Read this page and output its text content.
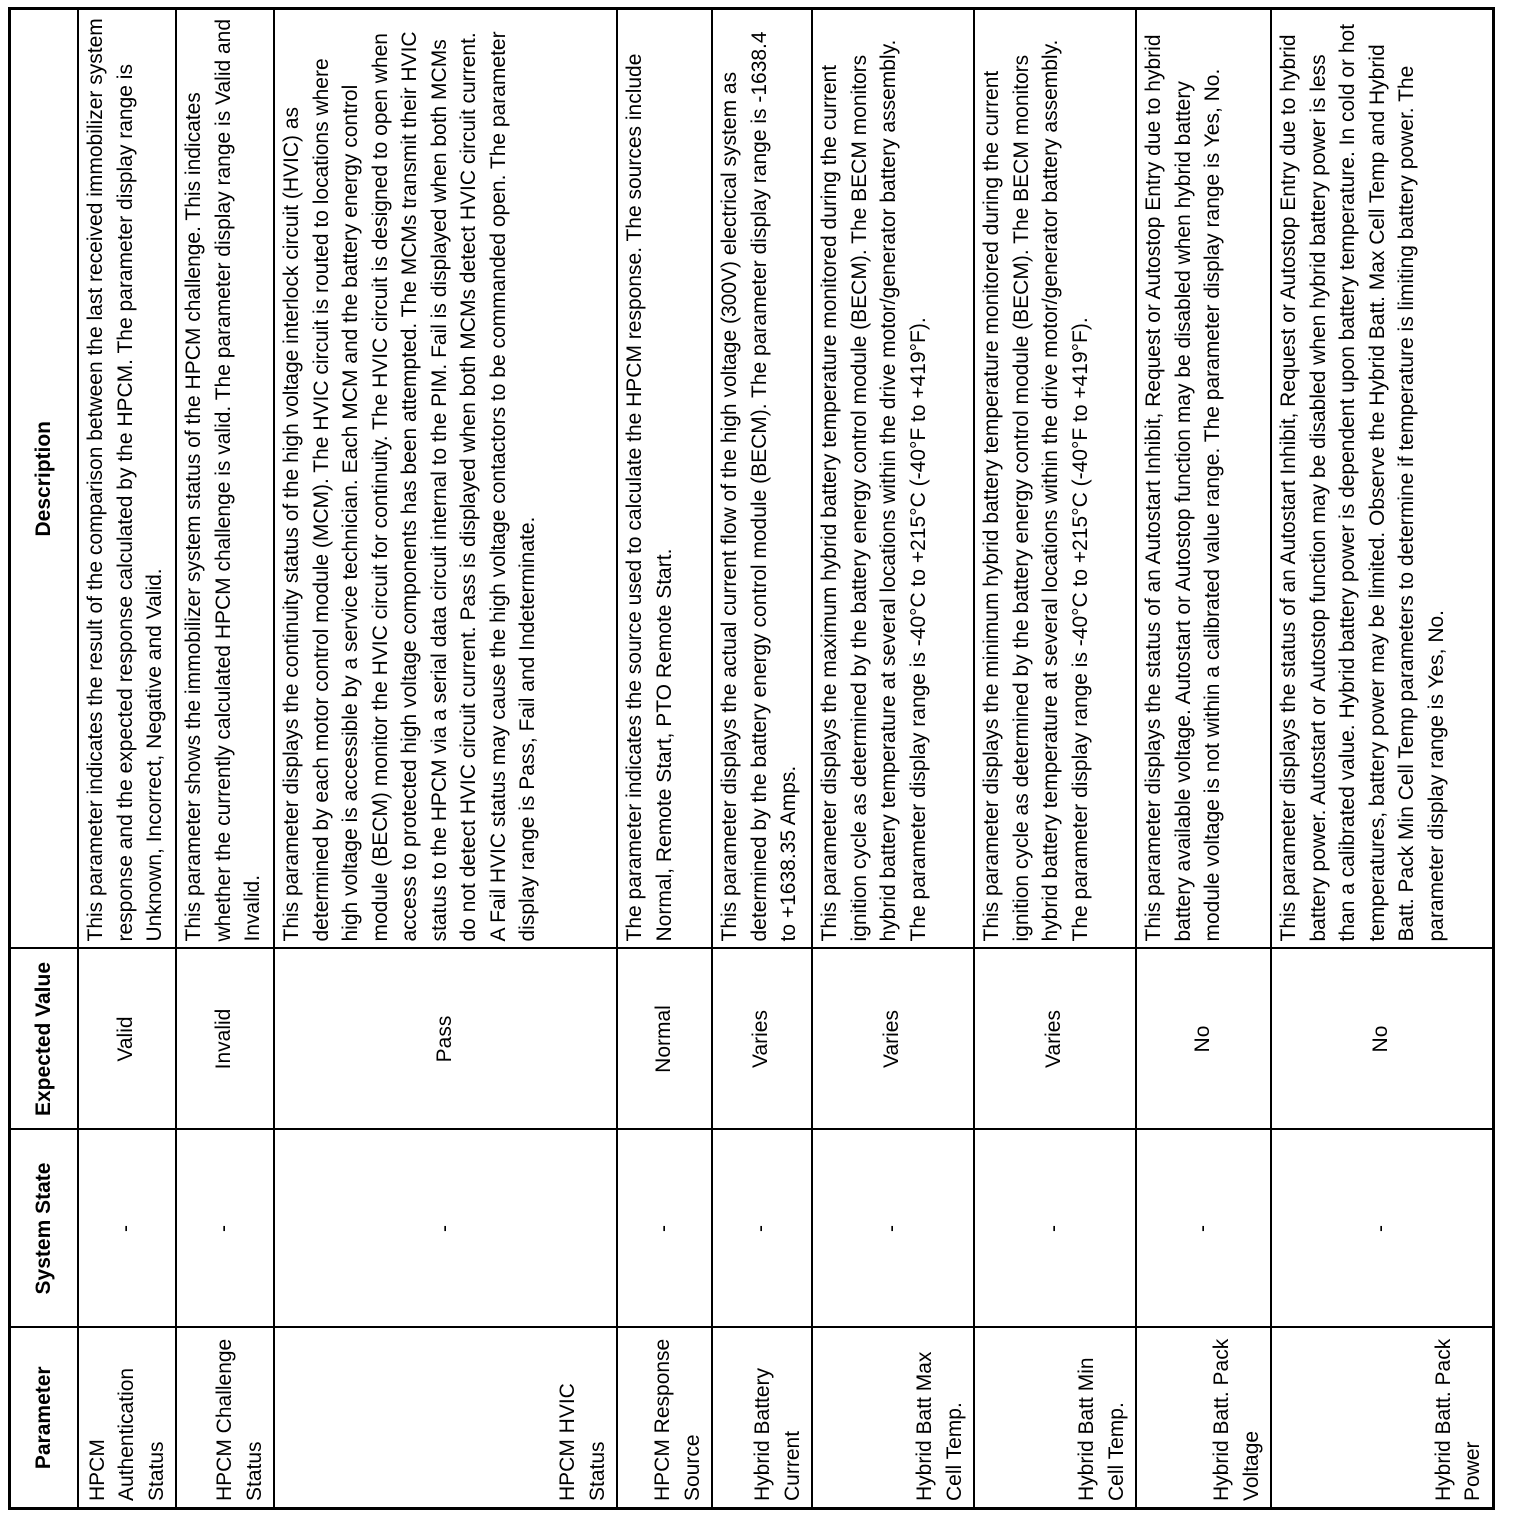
Parameter	System State	Expected Value	Description
HPCM Authentication Status	-	Valid	This parameter indicates the result of the comparison between the last received immobilizer system response and the expected response calculated by the HPCM. The parameter display range is Unknown, Incorrect, Negative and Valid.
HPCM Challenge Status	-	Invalid	This parameter shows the immobilizer system status of the HPCM challenge. This indicates whether the currently calculated HPCM challenge is valid. The parameter display range is Valid and Invalid.
HPCM HVIC Status	-	Pass	This parameter displays the continuity status of the high voltage interlock circuit (HVIC) as determined by each motor control module (MCM). The HVIC circuit is routed to locations where high voltage is accessible by a service technician. Each MCM and the battery energy control module (BECM) monitor the HVIC circuit for continuity. The HVIC circuit is designed to open when access to protected high voltage components has been attempted. The MCMs transmit their HVIC status to the HPCM via a serial data circuit internal to the PIM. Fail is displayed when both MCMs do not detect HVIC circuit current. Pass is displayed when both MCMs detect HVIC circuit current. A Fail HVIC status may cause the high voltage contactors to be commanded open. The parameter display range is Pass, Fail and Indeterminate.
HPCM Response Source	-	Normal	The parameter indicates the source used to calculate the HPCM response. The sources include Normal, Remote Start, PTO Remote Start.
Hybrid Battery Current	-	Varies	This parameter displays the actual current flow of the high voltage (300V) electrical system as determined by the battery energy control module (BECM). The parameter display range is -1638.4 to +1638.35 Amps.
Hybrid Batt Max Cell Temp.	-	Varies	This parameter displays the maximum hybrid battery temperature monitored during the current ignition cycle as determined by the battery energy control module (BECM). The BECM monitors hybrid battery temperature at several locations within the drive motor/generator battery assembly. The parameter display range is -40°C to +215°C (-40°F to +419°F).
Hybrid Batt Min Cell Temp.	-	Varies	This parameter displays the minimum hybrid battery temperature monitored during the current ignition cycle as determined by the battery energy control module (BECM). The BECM monitors hybrid battery temperature at several locations within the drive motor/generator battery assembly. The parameter display range is -40°C to +215°C (-40°F to +419°F).
Hybrid Batt. Pack Voltage	-	No	This parameter displays the status of an Autostart Inhibit, Request or Autostop Entry due to hybrid battery available voltage. Autostart or Autostop function may be disabled when hybrid battery module voltage is not within a calibrated value range. The parameter display range is Yes, No.
Hybrid Batt. Pack Power	-	No	This parameter displays the status of an Autostart Inhibit, Request or Autostop Entry due to hybrid battery power. Autostart or Autostop function may be disabled when hybrid battery power is less than a calibrated value. Hybrid battery power is dependent upon battery temperature. In cold or hot temperatures, battery power may be limited. Observe the Hybrid Batt. Max Cell Temp and Hybrid Batt. Pack Min Cell Temp parameters to determine if temperature is limiting battery power. The parameter display range is Yes, No.
